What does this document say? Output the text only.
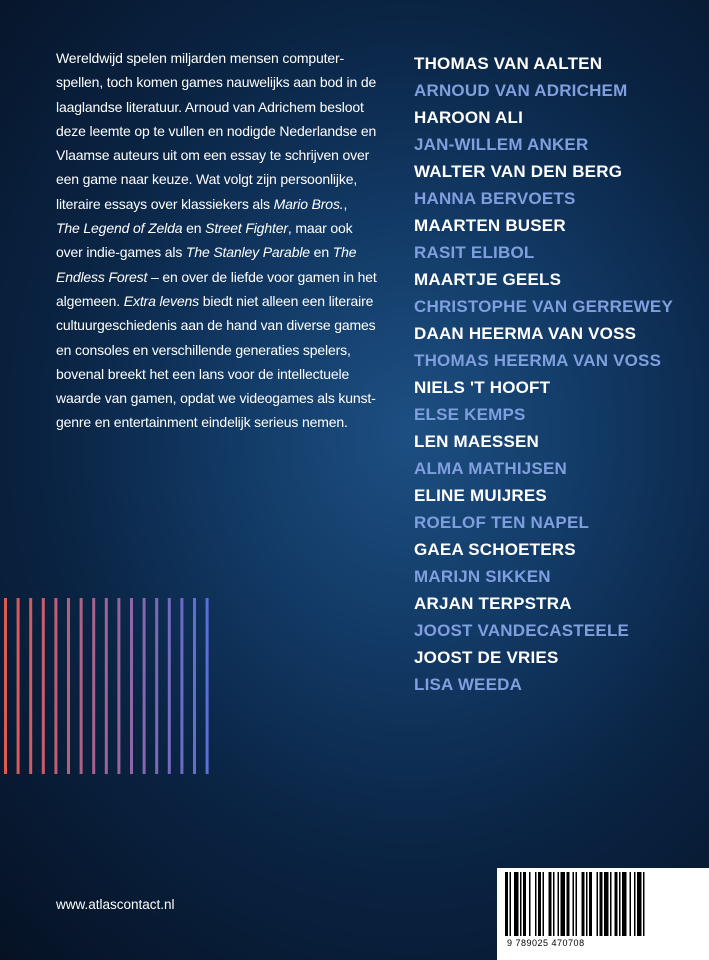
Wereldwijd spelen miljarden mensen computer-
spellen, toch komen games nauwelijks aan bod in de
laaglandse literatuur. Arnoud van Adrichem besloot
deze leemte op te vullen en nodigde Nederlandse en
Vlaamse auteurs uit om een essay te schrijven over
een game naar keuze. Wat volgt zijn persoonlijke,
literaire essays over klassiekers als Mario Bros.,
The Legend of Zelda en Street Fighter, maar ook
over indie-games als The Stanley Parable en The
Endless Forest – en over de liefde voor gamen in het
algemeen. Extra levens biedt niet alleen een literaire
cultuurgeschiedenis aan de hand van diverse games
en consoles en verschillende generaties spelers,
bovenal breekt het een lans voor de intellectuele
waarde van gamen, opdat we videogames als kunst-
genre en entertainment eindelijk serieus nemen.
THOMAS VAN AALTEN
ARNOUD VAN ADRICHEM
HAROON ALI
JAN-WILLEM ANKER
WALTER VAN DEN BERG
HANNA BERVOETS
MAARTEN BUSER
RASIT ELIBOL
MAARTJE GEELS
CHRISTOPHE VAN GERREWEY
DAAN HEERMA VAN VOSS
THOMAS HEERMA VAN VOSS
NIELS 'T HOOFT
ELSE KEMPS
LEN MAESSEN
ALMA MATHIJSEN
ELINE MUIJRES
ROELOF TEN NAPEL
GAEA SCHOETERS
MARIJN SIKKEN
ARJAN TERPSTRA
JOOST VANDECASTEELE
JOOST DE VRIES
LISA WEEDA
www.atlascontact.nl
9 789025 470708
